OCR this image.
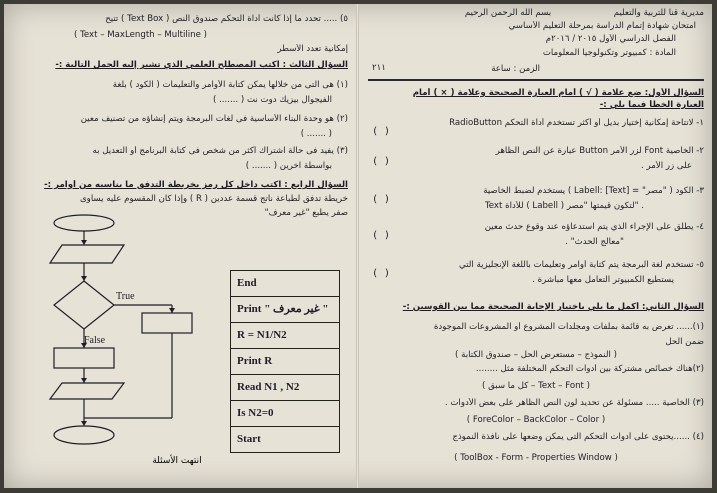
مديرية قنا للتربية والتعليم
بسم الله الرحمن الرحيم
امتحان شهادة إتمام الدراسة بمرحلة التعليم الأساسي
الفصل الدراسي الأول ٢٠١٥ / ٢٠١٦م
المادة : كمبيوتر وتكنولوجيا المعلومات
٢١١	الزمن : ساعة
السؤال الأول: ضع علامة ( √ ) أمام العبارة الصحيحة وعلامة ( × ) أمام
العبارة الخطأ فيما يلي :-
١- لاتتاحة إمكانية إختيار بديل أو أكثر تستخدم أداة التحكم RadioButton
( )
٢- الخاصية Font لزر الأمر Button عبارة عن النص الظاهر
على زر الأمر .
( )
٣- الكود ( "مصر" = Labell: [Text] ) يستخدم لضبط الخاصية
Text للأداة ( Labell ) لتكون قيمتها "مصر" .
( )
٤- يطلق على الإجراء الذي يتم استدعاؤه عند وقوع حدث معين
"معالج الحدث" .
( )
٥- تستخدم لغة البرمجة يتم كتابة أوامر وتعليمات باللغة الإنجليزية التي
يستطيع الكمبيوتر التعامل معها مباشرة .
( )
السؤال الثاني: أكمل ما يلي باختيار الإجابة الصحيحة مما بين القوسين :-
(١)...... تعرض به قائمة بملفات ومجلدات المشروع أو المشروعات الموجودة
ضمن الحل
( النموذج – مستعرض الحل – صندوق الكتابة )
(٢)هناك خصائص مشتركة بين أدوات التحكم المختلفة مثل ........
( كل ما سبق – Text – Font )
(٣) الخاصية ..... مسئولة عن تحديد لون النص الظاهر على بعض الأدوات .
( ForeColor – BackColor – Color )
(٤) ......يحتوى على أدوات التحكم التى يمكن وضعها على نافذة النموذج
( ToolBox - Form - Properties Window )
٥) ..... تحدد ما إذا كانت أداة التحكم صندوق النص ( Text Box ) تتيح
( Text – MaxLength – Multiline )
إمكانية تعدد الأسطر
السؤال الثالث : اكتب المصطلح العلمي الذي تشير إليه الجمل التالية :-
(١) هى التى من خلالها يمكن كتابة الأوامر والتعليمات ( الكود ) بلغة
الفيجوال بيزيك دوت نت ( ....... )
(٢) هو وحدة البناء الأساسية فى لغات البرمجة ويتم إنشاؤه من تصنيف معين
( ....... )
(٣) يفيد فى حالة اشتراك أكثر من شخص فى كتابة البرنامج أو التعديل به
بواسطة آخرين ( ....... )
السؤال الرابع : اكتب داخل كل رمز بخريطة التدفق ما يناسبه من أوامر :-
خريطة تدفق لطباعة ناتج قسمة عددين ( R ) وإذا كان المقسوم عليه يساوى
صفر يطبع "غير معرف"
True
False
End
Print " غير معرف "
R = N1/N2
Print R
Read N1 , N2
Is N2=0
Start
انتهت الأسئلة
